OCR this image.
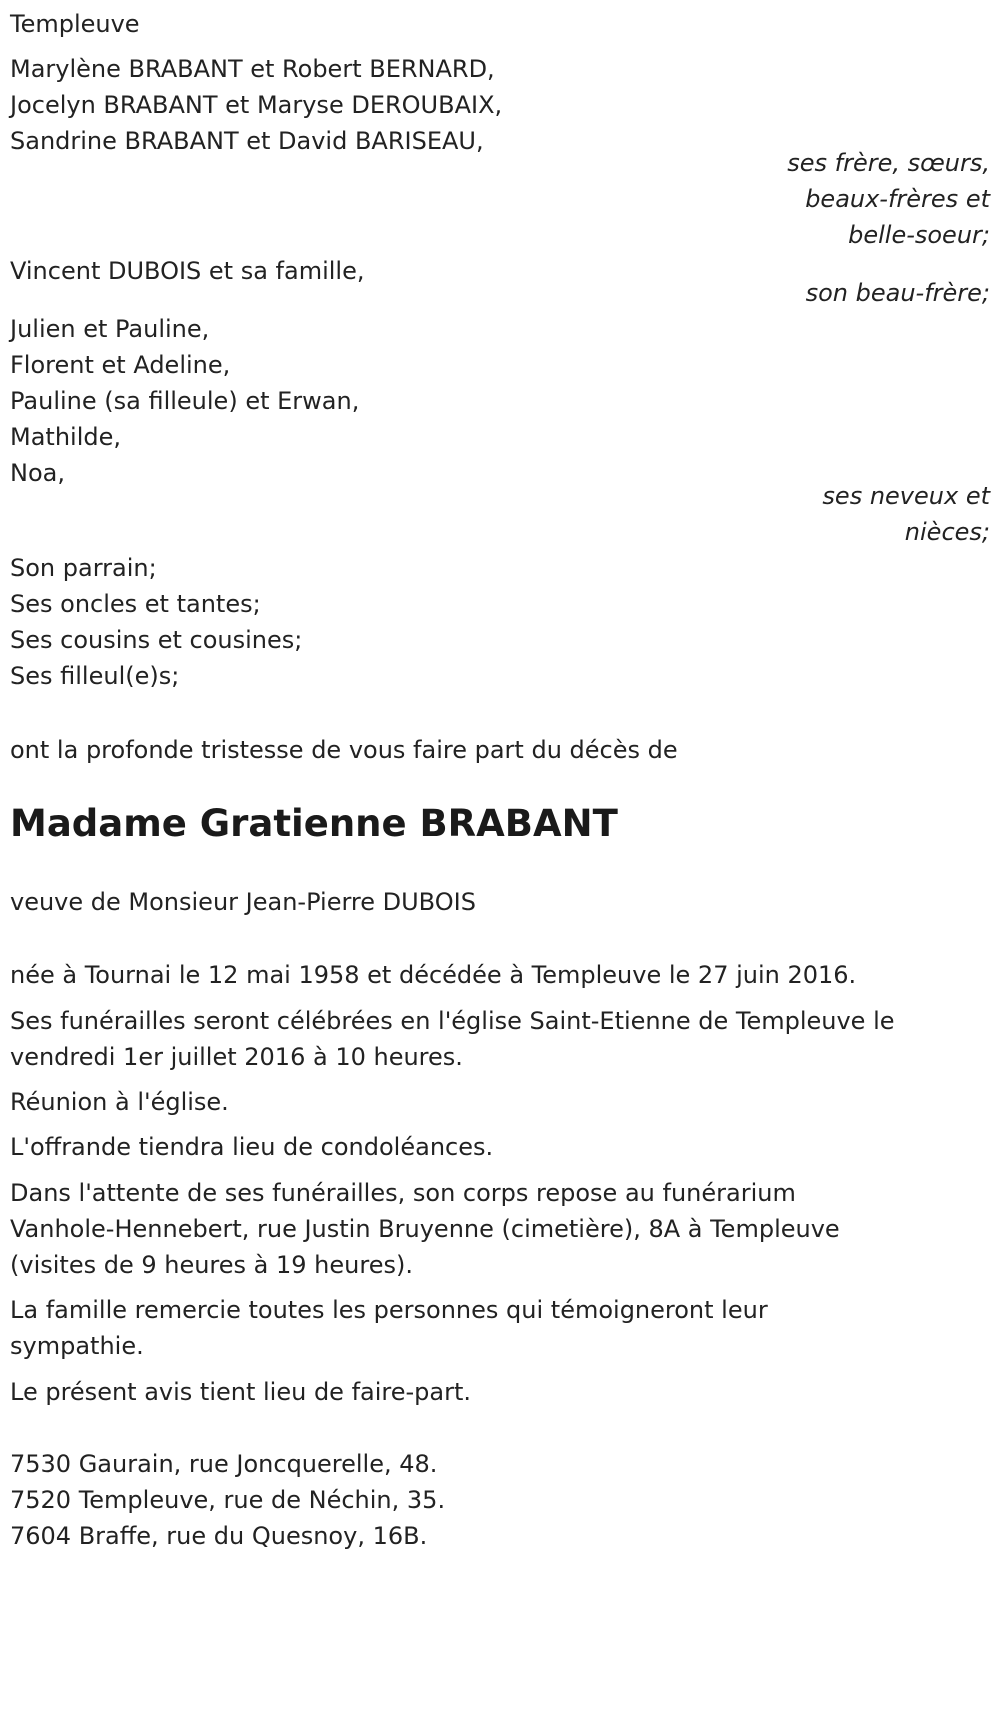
Templeuve
Marylène BRABANT et Robert BERNARD,
Jocelyn BRABANT et Maryse DEROUBAIX,
Sandrine BRABANT et David BARISEAU,
ses frère, sœurs,
beaux-frères et
belle-soeur;
Vincent DUBOIS et sa famille,
son beau-frère;
Julien et Pauline,
Florent et Adeline,
Pauline (sa filleule) et Erwan,
Mathilde,
Noa,
ses neveux et
nièces;
Son parrain;
Ses oncles et tantes;
Ses cousins et cousines;
Ses filleul(e)s;
ont la profonde tristesse de vous faire part du décès de
Madame Gratienne BRABANT
veuve de Monsieur Jean-Pierre DUBOIS
née à Tournai le 12 mai 1958 et décédée à Templeuve le 27 juin 2016.
Ses funérailles seront célébrées en l'église Saint-Etienne de Templeuve le
vendredi 1er juillet 2016 à 10 heures.
Réunion à l'église.
L'offrande tiendra lieu de condoléances.
Dans l'attente de ses funérailles, son corps repose au funérarium
Vanhole-Hennebert, rue Justin Bruyenne (cimetière), 8A à Templeuve
(visites de 9 heures à 19 heures).
La famille remercie toutes les personnes qui témoigneront leur
sympathie.
Le présent avis tient lieu de faire-part.
7530 Gaurain, rue Joncquerelle, 48.
7520 Templeuve, rue de Néchin, 35.
7604 Braffe, rue du Quesnoy, 16B.
